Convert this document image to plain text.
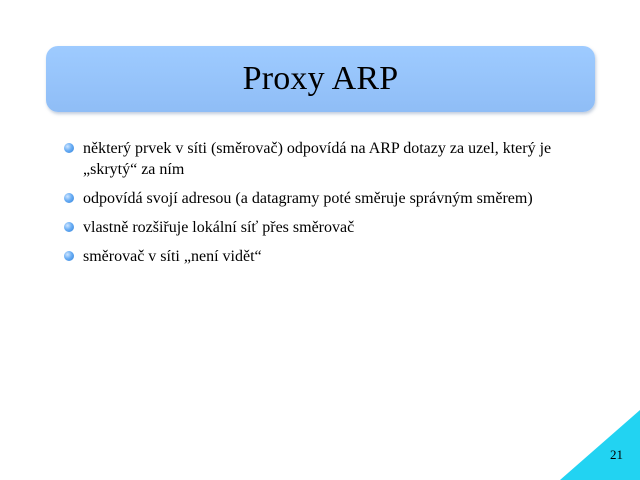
Proxy ARP
některý prvek v síti (směrovač) odpovídá na ARP dotazy za uzel, který je „skrytý“ za ním
odpovídá svojí adresou (a datagramy poté směruje správným směrem)
vlastně rozšiřuje lokální síť přes směrovač
směrovač v síti „není vidět“
21
